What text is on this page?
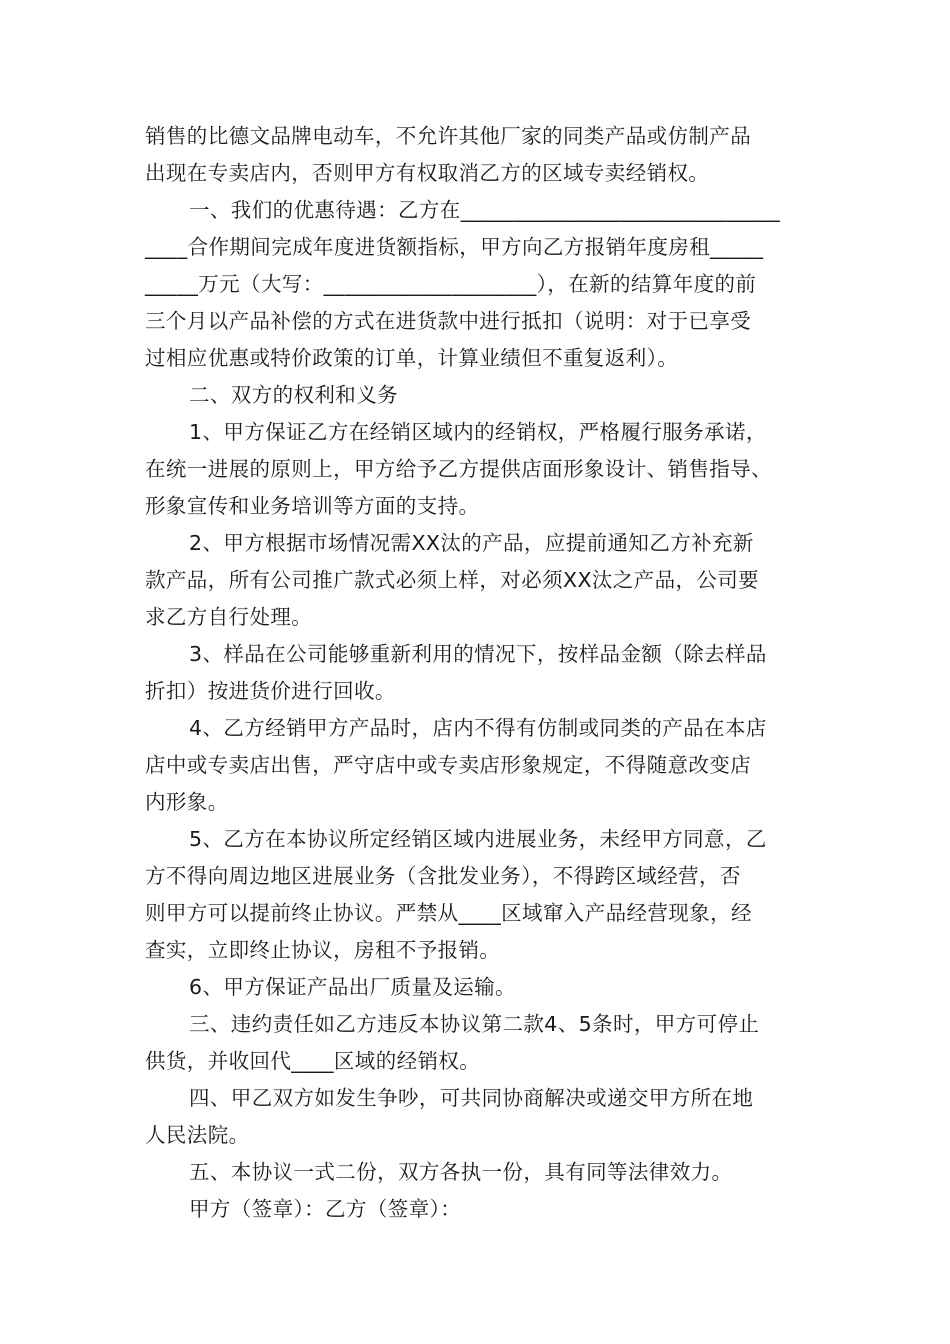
销售的比德文品牌电动车，不允许其他厂家的同类产品或仿制产品
出现在专卖店内，否则甲方有权取消乙方的区域专卖经销权。
一、我们的优惠待遇：乙方在______________________________
____合作期间完成年度进货额指标，甲方向乙方报销年度房租_____
_____万元（大写：____________________），在新的结算年度的前
三个月以产品补偿的方式在进货款中进行抵扣（说明：对于已享受
过相应优惠或特价政策的订单，计算业绩但不重复返利）。
二、双方的权利和义务
1、甲方保证乙方在经销区域内的经销权，严格履行服务承诺，
在统一进展的原则上，甲方给予乙方提供店面形象设计、销售指导、
形象宣传和业务培训等方面的支持。
2、甲方根据市场情况需XX汰的产品，应提前通知乙方补充新
款产品，所有公司推广款式必须上样，对必须XX汰之产品，公司要
求乙方自行处理。
3、样品在公司能够重新利用的情况下，按样品金额（除去样品
折扣）按进货价进行回收。
4、乙方经销甲方产品时，店内不得有仿制或同类的产品在本店
店中或专卖店出售，严守店中或专卖店形象规定，不得随意改变店
内形象。
5、乙方在本协议所定经销区域内进展业务，未经甲方同意，乙
方不得向周边地区进展业务（含批发业务），不得跨区域经营，否
则甲方可以提前终止协议。严禁从____区域窜入产品经营现象，经
查实，立即终止协议，房租不予报销。
6、甲方保证产品出厂质量及运输。
三、违约责任如乙方违反本协议第二款4、5条时，甲方可停止
供货，并收回代____区域的经销权。
四、甲乙双方如发生争吵，可共同协商解决或递交甲方所在地
人民法院。
五、本协议一式二份，双方各执一份，具有同等法律效力。
甲方（签章）：乙方（签章）：
